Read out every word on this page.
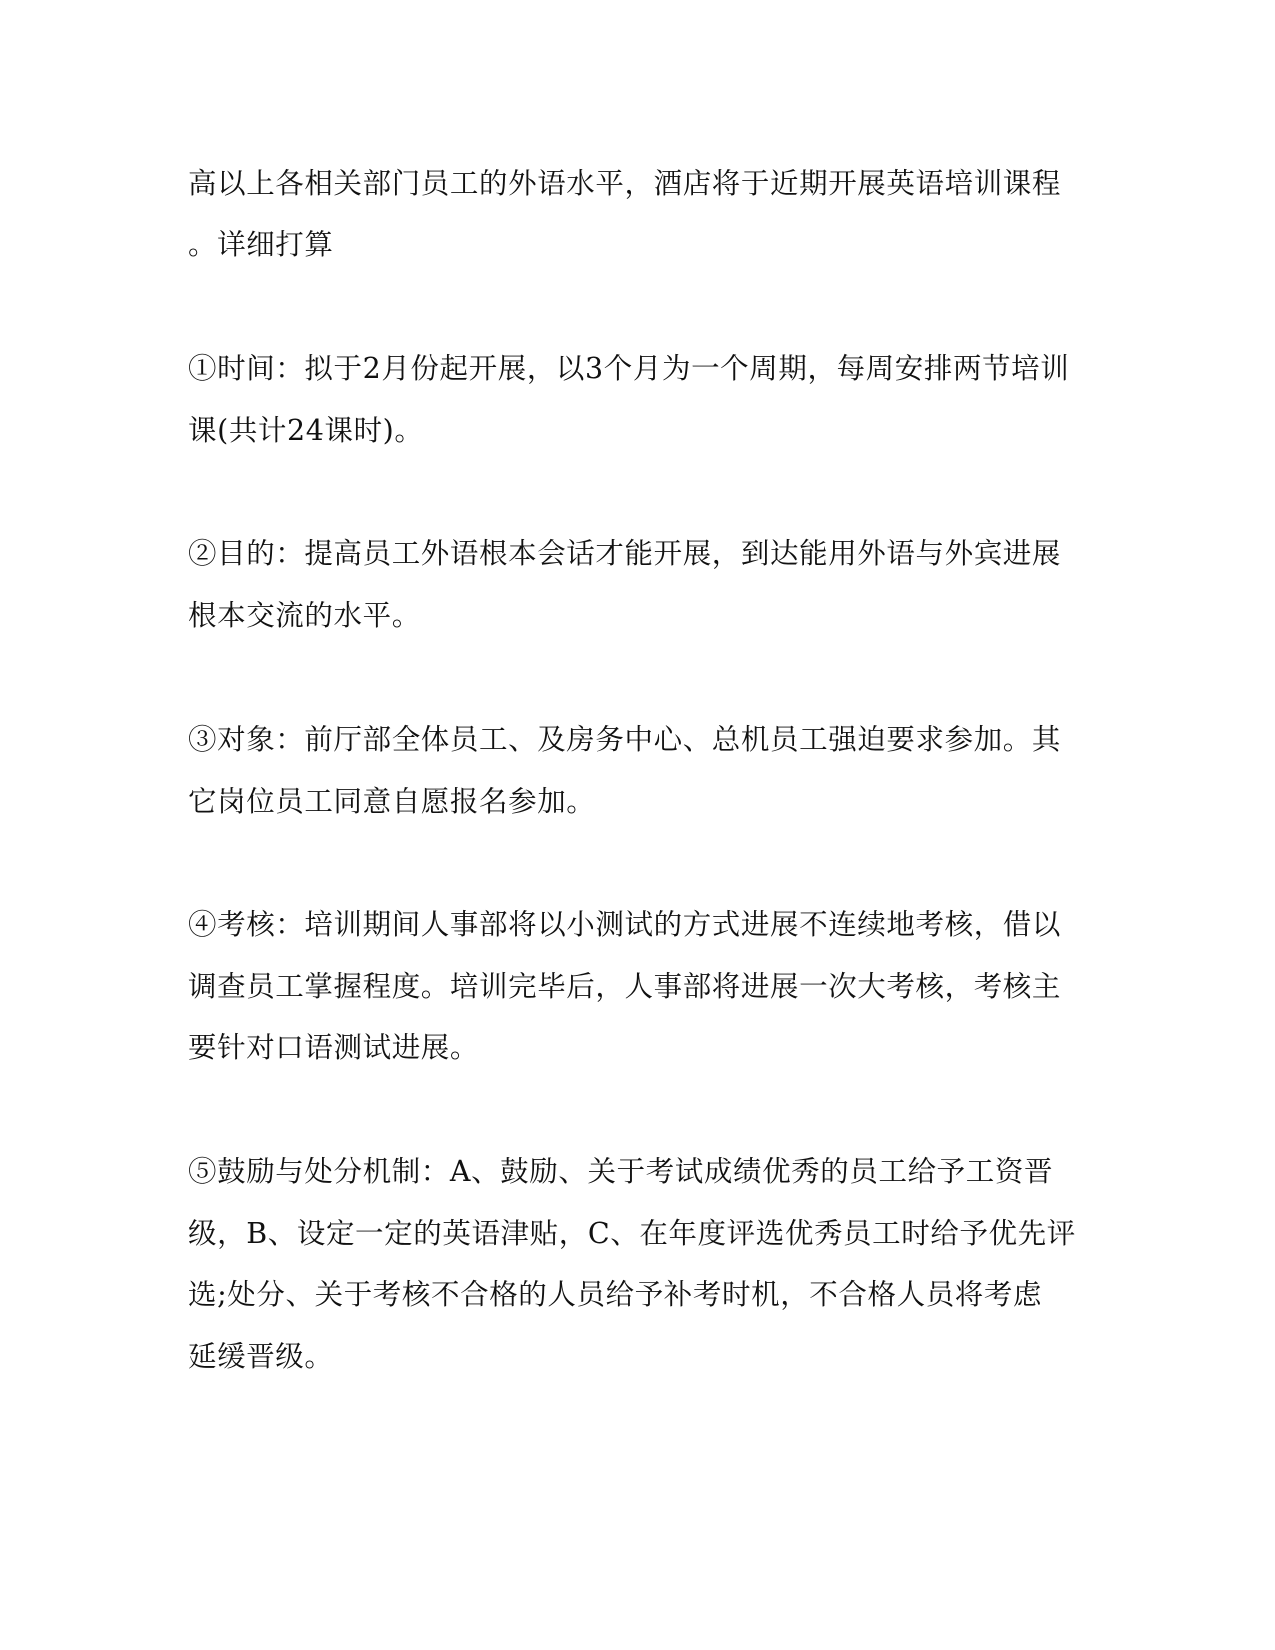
高以上各相关部门员工的外语水平，酒店将于近期开展英语培训课程
。详细打算
①时间：拟于2月份起开展，以3个月为一个周期，每周安排两节培训
课(共计24课时)。
②目的：提高员工外语根本会话才能开展，到达能用外语与外宾进展
根本交流的水平。
③对象：前厅部全体员工、及房务中心、总机员工强迫要求参加。其
它岗位员工同意自愿报名参加。
④考核：培训期间人事部将以小测试的方式进展不连续地考核，借以
调查员工掌握程度。培训完毕后，人事部将进展一次大考核，考核主
要针对口语测试进展。
⑤鼓励与处分机制：A、鼓励、关于考试成绩优秀的员工给予工资晋
级，B、设定一定的英语津贴，C、在年度评选优秀员工时给予优先评
选;处分、关于考核不合格的人员给予补考时机，不合格人员将考虑
延缓晋级。
